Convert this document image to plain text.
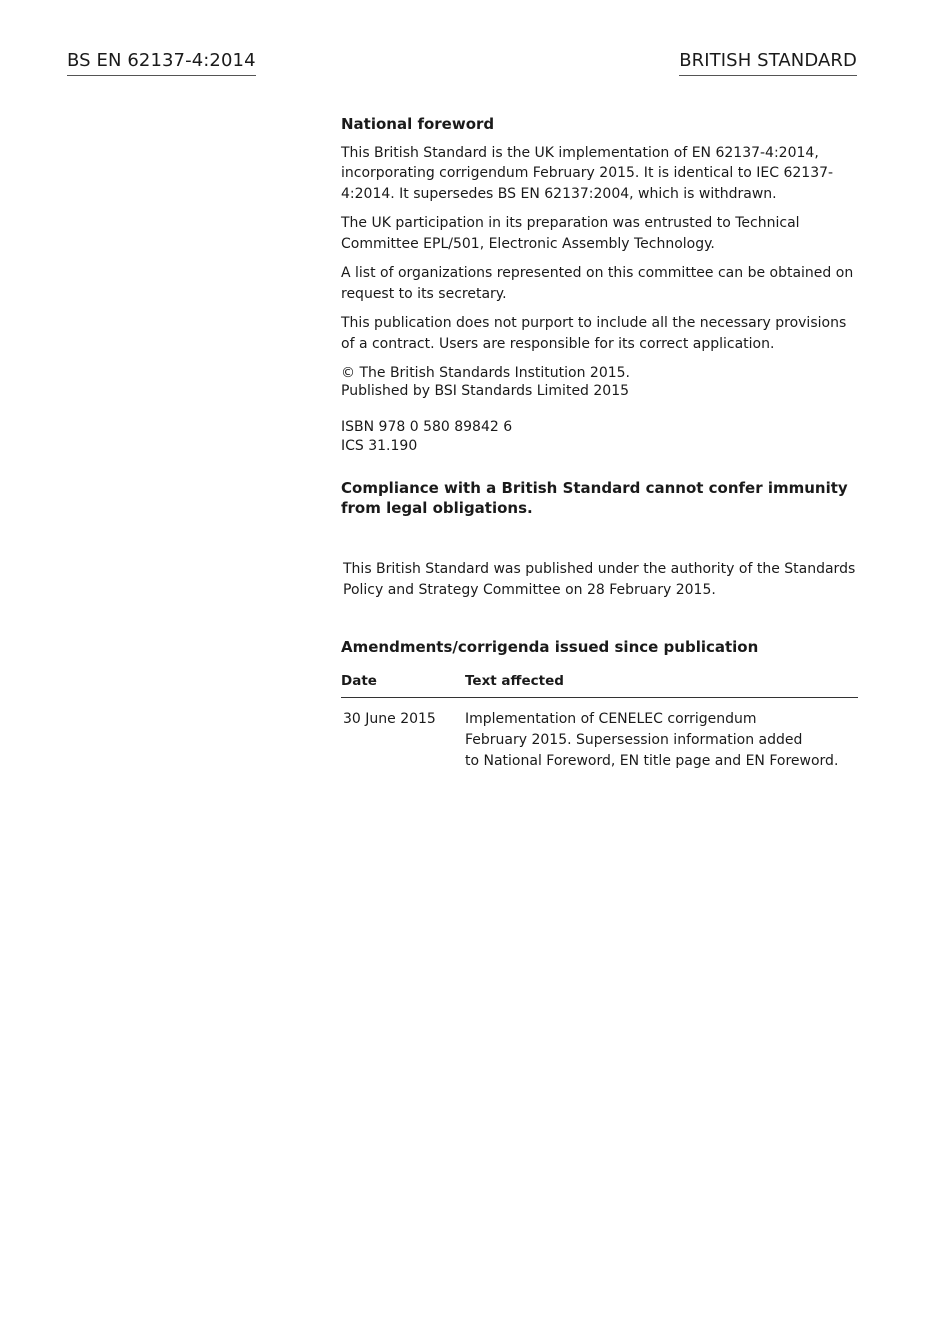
BS EN 62137-4:2014	BRITISH STANDARD
National foreword

This British Standard is the UK implementation of EN 62137-4:2014, incorporating corrigendum February 2015. It is identical to IEC 62137-4:2014. It supersedes BS EN 62137:2004, which is withdrawn.

The UK participation in its preparation was entrusted to Technical Committee EPL/501, Electronic Assembly Technology.

A list of organizations represented on this committee can be obtained on request to its secretary.

This publication does not purport to include all the necessary provisions of a contract. Users are responsible for its correct application.

© The British Standards Institution 2015.
Published by BSI Standards Limited 2015
ISBN 978 0 580 89842 6
ICS 31.190
Compliance with a British Standard cannot confer immunity from legal obligations.
This British Standard was published under the authority of the Standards Policy and Strategy Committee on 28 February 2015.
Amendments/corrigenda issued since publication
Date	Text affected
30 June 2015	Implementation of CENELEC corrigendum
February 2015. Supersession information added
to National Foreword, EN title page and EN Foreword.
